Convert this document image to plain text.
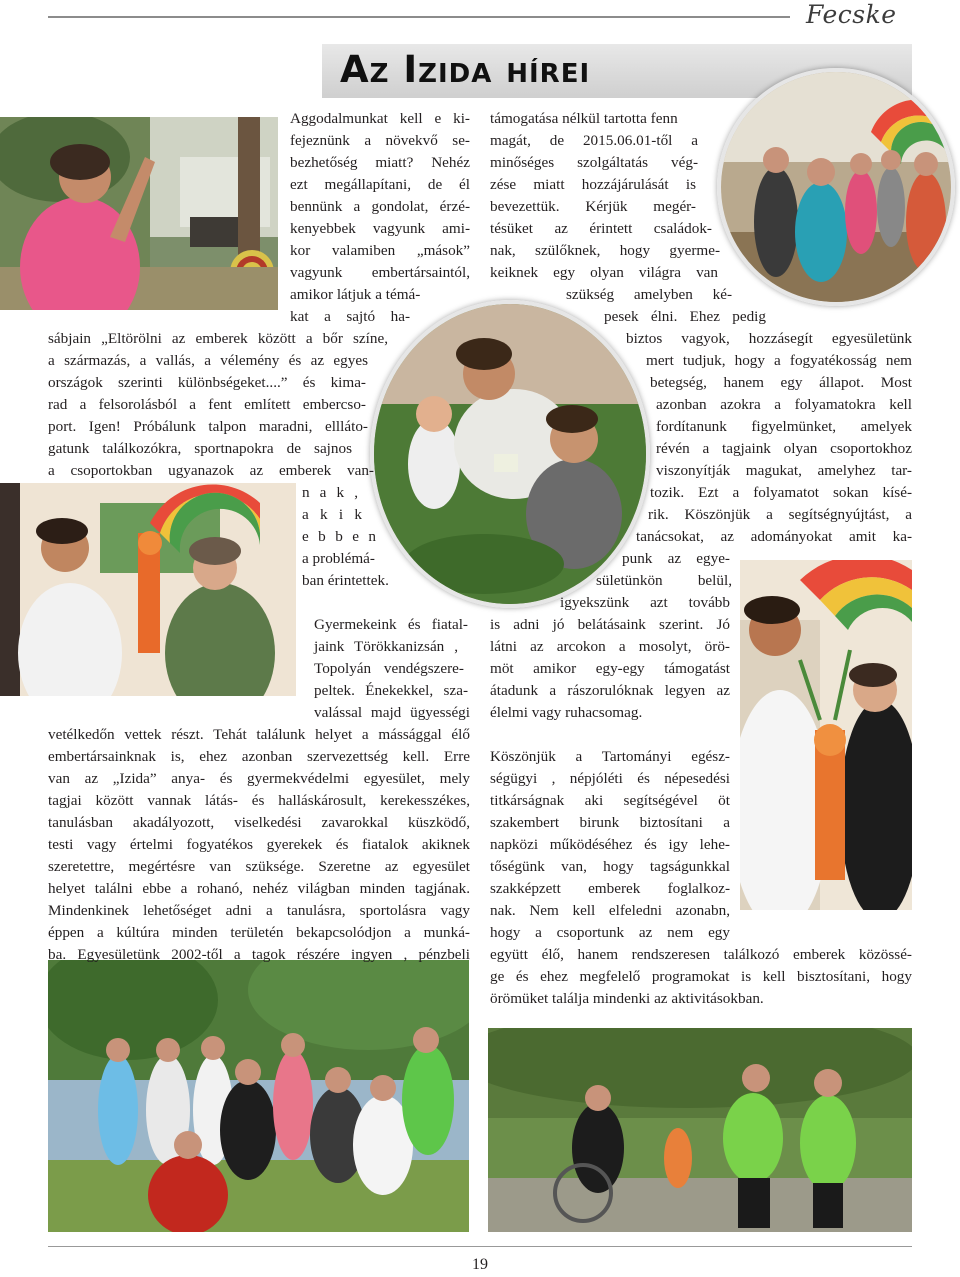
Fecske
Az Izida hírei
Aggodalmunkat kell e ki-
fejeznünk a növekvő se-
bezhetőség miatt? Nehéz
ezt megállapítani, de él
bennünk a gondolat, érzé-
kenyebbek vagyunk ami-
kor valamiben „mások”
vagyunk embertársaintól,
amikor látjuk a témá-
kat a sajtó ha-
sábjain „Eltörölni az emberek között a bőr színe,
a származás, a vallás, a vélemény és az egyes
országok szerinti különbségeket....” és kima-
rad a felsorolásból a fent említett embercso-
port. Igen! Próbálunk talpon maradni, ellláto-
gatunk találkozókra, sportnapokra de sajnos
a csoportokban ugyanazok az emberek van-
n a k ,
a k i k
e b b e n
a problémá-
ban érintettek.
Gyermekeink és fiatal-
jaink Törökkanizsán ,
Topolyán vendégszere-
peltek. Énekekkel, sza-
valással majd ügyességi
vetélkedőn vettek részt. Tehát találunk helyet a mássággal élő
embertársainknak is, ehez azonban szervezettség kell. Erre
van az „Izida” anya- és gyermekvédelmi egyesület, mely
tagjai között vannak látás- és halláskárosult, kerekesszékes,
tanulásban akadályozott, viselkedési zavarokkal küszködő,
testi vagy értelmi fogyatékos gyerekek és fiatalok akiknek
szeretettre, megértésre van szüksége. Szeretne az egyesület
helyet találni ebbe a rohanó, nehéz világban minden tagjának.
Mindenkinek lehetőséget adni a tanulásra, sportolásra vagy
éppen a kúltúra minden területén bekapcsolódjon a munká-
ba. Egyesületünk 2002-től a tagok részére ingyen , pénzbeli
támogatása nélkül tartotta fenn
magát, de 2015.06.01-től a
minőséges szolgáltatás vég-
zése miatt hozzájárulását is
bevezettük. Kérjük megér-
tésüket az érintett családok-
nak, szülőknek, hogy gyerme-
keiknek egy olyan világra van
szükség amelyben ké-
pesek élni. Ehez pedig
biztos vagyok, hozzásegít egyesületünk
mert tudjuk, hogy a fogyatékosság nem
betegség, hanem egy állapot. Most
azonban azokra a folyamatokra kell
fordítanunk figyelmünket, amelyek
révén a tagjaink olyan csoportokhoz
viszonyítják magukat, amelyhez tar-
tozik. Ezt a folyamatot sokan kísé-
rik. Köszönjük a segítségnyújtást, a
tanácsokat, az adományokat amit ka-
punk az egye-
sületünkön belül,
igyekszünk azt tovább
is adni jó belátásaink szerint. Jó
látni az arcokon a mosolyt, örö-
möt amikor egy-egy támogatást
átadunk a rászorulóknak legyen az
élelmi vagy ruhacsomag.
Köszönjük a Tartományi egész-
ségügyi , népjóléti és népesedési
titkárságnak aki segítségével öt
szakembert birunk biztosítani a
napközi működéséhez és igy lehe-
tőségünk van, hogy tagságunkkal
szakképzett emberek foglalkoz-
nak. Nem kell elfeledni azonabn,
hogy a csoportunk az nem egy
együtt élő, hanem rendszeresen találkozó emberek közössé-
ge és ehez megfelelő programokat is kell bisztosítani, hogy
örömüket találja mindenki az aktivitásokban.
19
